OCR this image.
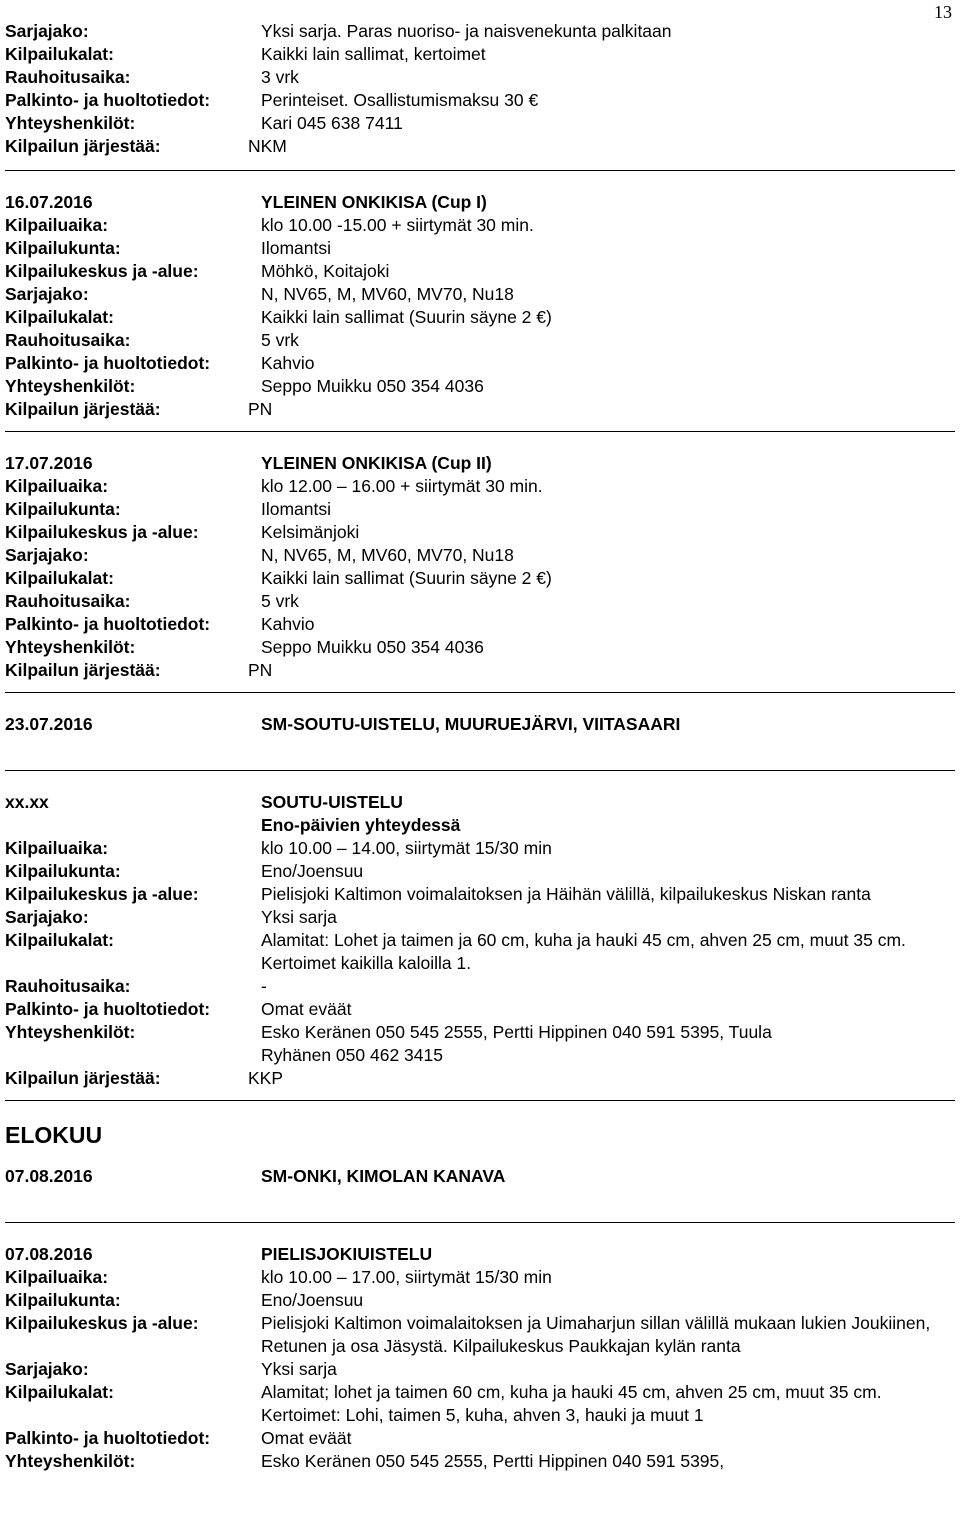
13
Sarjajako:	Yksi sarja. Paras nuoriso- ja naisvenekunta palkitaan
Kilpailukalat:	Kaikki lain sallimat, kertoimet
Rauhoitusaika:	3 vrk
Palkinto- ja huoltotiedot:	Perinteiset. Osallistumismaksu 30 €
Yhteyshenkilöt:	Kari 045 638 7411
Kilpailun järjestää:	NKM
16.07.2016	YLEINEN ONKIKISA (Cup I)
Kilpailuaika:	klo 10.00 -15.00 + siirtymät 30 min.
Kilpailukunta:	Ilomantsi
Kilpailukeskus ja -alue:	Möhkö, Koitajoki
Sarjajako:	N, NV65, M, MV60, MV70, Nu18
Kilpailukalat:	Kaikki lain sallimat (Suurin säyne 2 €)
Rauhoitusaika:	5 vrk
Palkinto- ja huoltotiedot:	Kahvio
Yhteyshenkilöt:	Seppo Muikku 050 354 4036
Kilpailun järjestää:	PN
17.07.2016	YLEINEN ONKIKISA (Cup II)
Kilpailuaika:	klo 12.00 – 16.00 + siirtymät 30 min.
Kilpailukunta:	Ilomantsi
Kilpailukeskus ja -alue:	Kelsimänjoki
Sarjajako:	N, NV65, M, MV60, MV70, Nu18
Kilpailukalat:	Kaikki lain sallimat (Suurin säyne 2 €)
Rauhoitusaika:	5 vrk
Palkinto- ja huoltotiedot:	Kahvio
Yhteyshenkilöt:	Seppo Muikku 050 354 4036
Kilpailun järjestää:	PN
23.07.2016	SM-SOUTU-UISTELU, MUURUEJÄRVI, VIITASAARI
xx.xx	SOUTU-UISTELU
Eno-päivien yhteydessä
Kilpailuaika:	klo 10.00 – 14.00, siirtymät 15/30 min
Kilpailukunta:	Eno/Joensuu
Kilpailukeskus ja -alue:	Pielisjoki Kaltimon voimalaitoksen ja Häihän välillä, kilpailukeskus Niskan ranta
Sarjajako:	Yksi sarja
Kilpailukalat:	Alamitat: Lohet ja taimen ja 60 cm, kuha ja hauki 45 cm, ahven 25 cm, muut 35 cm. Kertoimet kaikilla kaloilla 1.
Rauhoitusaika:	-
Palkinto- ja huoltotiedot:	Omat eväät
Yhteyshenkilöt:	Esko Keränen 050 545 2555, Pertti Hippinen 040 591 5395, Tuula Ryhänen 050 462 3415
Kilpailun järjestää:	KKP
ELOKUU
07.08.2016	SM-ONKI, KIMOLAN KANAVA
07.08.2016	PIELISJOKIUISTELU
Kilpailuaika:	klo 10.00 – 17.00, siirtymät 15/30 min
Kilpailukunta:	Eno/Joensuu
Kilpailukeskus ja -alue:	Pielisjoki Kaltimon voimalaitoksen ja Uimaharjun sillan välillä mukaan lukien Joukiinen, Retunen ja osa Jäsystä. Kilpailukeskus Paukkajan kylän ranta
Sarjajako:	Yksi sarja
Kilpailukalat:	Alamitat; lohet ja taimen 60 cm, kuha ja hauki 45 cm, ahven 25 cm, muut 35 cm. Kertoimet: Lohi, taimen 5, kuha, ahven 3, hauki ja muut 1
Palkinto- ja huoltotiedot:	Omat eväät
Yhteyshenkilöt:	Esko Keränen 050 545 2555, Pertti Hippinen 040 591 5395,
